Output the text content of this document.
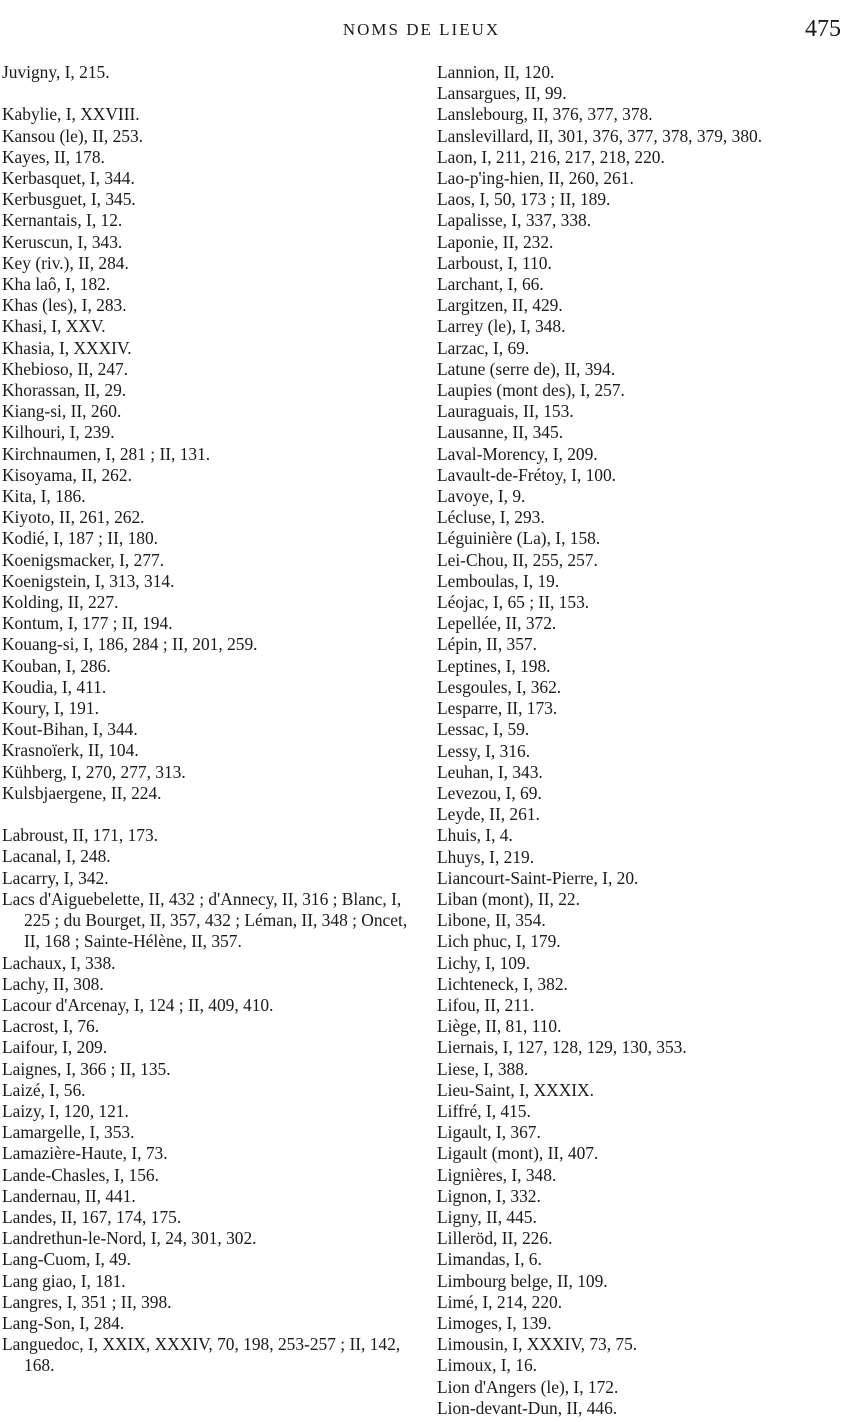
NOMS DE LIEUX	475
Juvigny, I, 215.
Kabylie, I, XXVIII.
Kansou (le), II, 253.
Kayes, II, 178.
Kerbasquet, I, 344.
Kerbusguet, I, 345.
Kernantais, I, 12.
Keruscun, I, 343.
Key (riv.), II, 284.
Kha laô, I, 182.
Khas (les), I, 283.
Khasi, I, XXV.
Khasia, I, XXXIV.
Khebioso, II, 247.
Khorassan, II, 29.
Kiang-si, II, 260.
Kilhouri, I, 239.
Kirchnaumen, I, 281 ; II, 131.
Kisoyama, II, 262.
Kita, I, 186.
Kiyoto, II, 261, 262.
Kodié, I, 187 ; II, 180.
Koenigsmacker, I, 277.
Koenigstein, I, 313, 314.
Kolding, II, 227.
Kontum, I, 177 ; II, 194.
Kouang-si, I, 186, 284 ; II, 201, 259.
Kouban, I, 286.
Koudia, I, 411.
Koury, I, 191.
Kout-Bihan, I, 344.
Krasnoïerk, II, 104.
Kühberg, I, 270, 277, 313.
Kulsbjaergene, II, 224.
Labroust, II, 171, 173.
Lacanal, I, 248.
Lacarry, I, 342.
Lacs d'Aiguebelette, II, 432 ; d'Annecy, II, 316 ; Blanc, I, 225 ; du Bourget, II, 357, 432 ; Léman, II, 348 ; Oncet, II, 168 ; Sainte-Hélène, II, 357.
Lachaux, I, 338.
Lachy, II, 308.
Lacour d'Arcenay, I, 124 ; II, 409, 410.
Lacrost, I, 76.
Laifour, I, 209.
Laignes, I, 366 ; II, 135.
Laizé, I, 56.
Laizy, I, 120, 121.
Lamargelle, I, 353.
Lamazière-Haute, I, 73.
Lande-Chasles, I, 156.
Landernau, II, 441.
Landes, II, 167, 174, 175.
Landrethun-le-Nord, I, 24, 301, 302.
Lang-Cuom, I, 49.
Lang giao, I, 181.
Langres, I, 351 ; II, 398.
Lang-Son, I, 284.
Languedoc, I, XXIX, XXXIV, 70, 198, 253-257 ; II, 142, 168.
Lannion, II, 120.
Lansargues, II, 99.
Lanslebourg, II, 376, 377, 378.
Lanslevillard, II, 301, 376, 377, 378, 379, 380.
Laon, I, 211, 216, 217, 218, 220.
Lao-p'ing-hien, II, 260, 261.
Laos, I, 50, 173 ; II, 189.
Lapalisse, I, 337, 338.
Laponie, II, 232.
Larboust, I, 110.
Larchant, I, 66.
Largitzen, II, 429.
Larrey (le), I, 348.
Larzac, I, 69.
Latune (serre de), II, 394.
Laupies (mont des), I, 257.
Lauraguais, II, 153.
Lausanne, II, 345.
Laval-Morency, I, 209.
Lavault-de-Frétoy, I, 100.
Lavoye, I, 9.
Lécluse, I, 293.
Léguinière (La), I, 158.
Lei-Chou, II, 255, 257.
Lemboulas, I, 19.
Léojac, I, 65 ; II, 153.
Lepellée, II, 372.
Lépin, II, 357.
Leptines, I, 198.
Lesgoules, I, 362.
Lesparre, II, 173.
Lessac, I, 59.
Lessy, I, 316.
Leuhan, I, 343.
Levezou, I, 69.
Leyde, II, 261.
Lhuis, I, 4.
Lhuys, I, 219.
Liancourt-Saint-Pierre, I, 20.
Liban (mont), II, 22.
Libone, II, 354.
Lich phuc, I, 179.
Lichy, I, 109.
Lichteneck, I, 382.
Lifou, II, 211.
Liège, II, 81, 110.
Liernais, I, 127, 128, 129, 130, 353.
Liese, I, 388.
Lieu-Saint, I, XXXIX.
Liffré, I, 415.
Ligault, I, 367.
Ligault (mont), II, 407.
Lignières, I, 348.
Lignon, I, 332.
Ligny, II, 445.
Lilleröd, II, 226.
Limandas, I, 6.
Limbourg belge, II, 109.
Limé, I, 214, 220.
Limoges, I, 139.
Limousin, I, XXXIV, 73, 75.
Limoux, I, 16.
Lion d'Angers (le), I, 172.
Lion-devant-Dun, II, 446.
